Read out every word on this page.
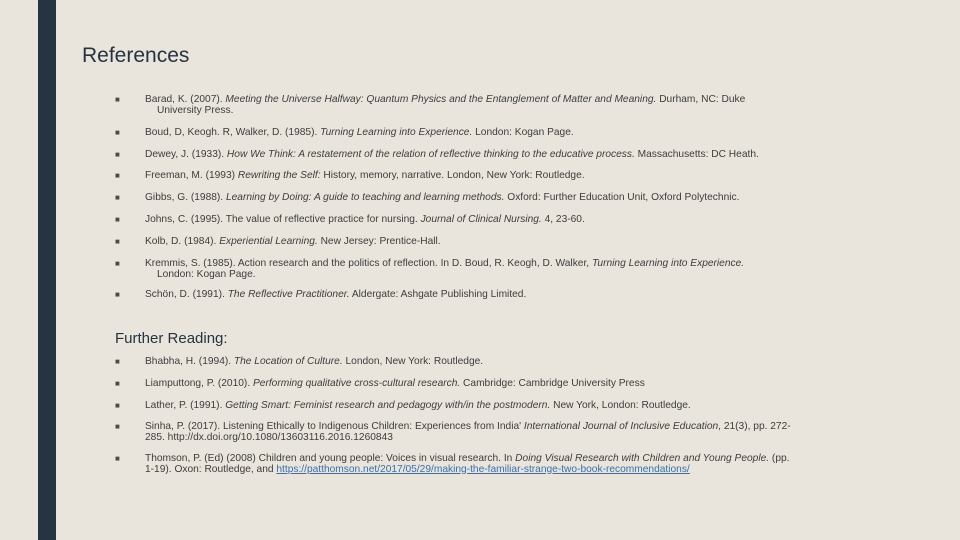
References
■ Barad, K. (2007). Meeting the Universe Halfway: Quantum Physics and the Entanglement of Matter and Meaning. Durham, NC: Duke
University Press.
■ Boud, D, Keogh. R, Walker, D. (1985). Turning Learning into Experience. London: Kogan Page.
■ Dewey, J. (1933). How We Think: A restatement of the relation of reflective thinking to the educative process. Massachusetts: DC Heath.
■ Freeman, M. (1993) Rewriting the Self: History, memory, narrative. London, New York: Routledge.
■ Gibbs, G. (1988). Learning by Doing: A guide to teaching and learning methods. Oxford: Further Education Unit, Oxford Polytechnic.
■ Johns, C. (1995). The value of reflective practice for nursing. Journal of Clinical Nursing. 4, 23-60.
■ Kolb, D. (1984). Experiential Learning. New Jersey: Prentice-Hall.
■ Kremmis, S. (1985). Action research and the politics of reflection. In D. Boud, R. Keogh, D. Walker, Turning Learning into Experience.
London: Kogan Page.
■ Schön, D. (1991). The Reflective Practitioner. Aldergate: Ashgate Publishing Limited.
Further Reading:
■ Bhabha, H. (1994). The Location of Culture. London, New York: Routledge.
■ Liamputtong, P. (2010). Performing qualitative cross-cultural research. Cambridge: Cambridge University Press
■ Lather, P. (1991). Getting Smart: Feminist research and pedagogy with/in the postmodern. New York, London: Routledge.
■ Sinha, P. (2017). Listening Ethically to Indigenous Children: Experiences from India' International Journal of Inclusive Education, 21(3), pp. 272-
285. http://dx.doi.org/10.1080/13603116.2016.1260843
■ Thomson, P. (Ed) (2008) Children and young people: Voices in visual research. In Doing Visual Research with Children and Young People. (pp.
1-19). Oxon: Routledge, and https://patthomson.net/2017/05/29/making-the-familiar-strange-two-book-recommendations/
